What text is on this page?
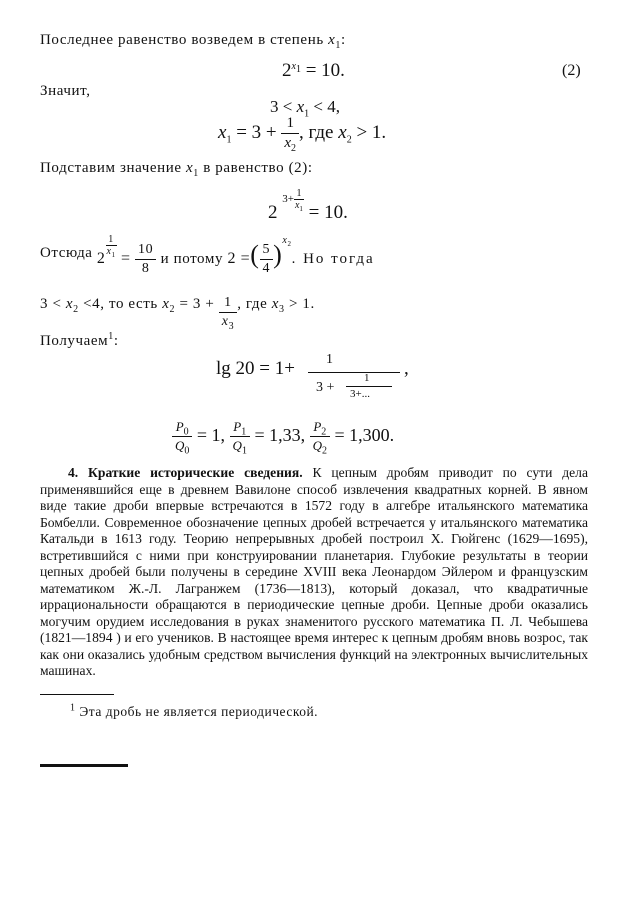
Последнее равенство возведем в степень $x_1$:
$2^{x_1} = 10$.	(2)
Значит,
$3 < x_1 < 4$,
$x_1 = 3 + \frac{1}{x_2}$ , где $x_2 > 1$.
Подставим значение $x_1$ в равенство (2):
2 $3+ \frac{1}{x_1}$
= 10.
Отсюда 2
$\frac{1}{x_1}$
= $\frac{10}{8}$ и потому 2 =( $\frac{5}{4} )^{x_2}$. Но тогда
$3 < x_2 <4$, то есть $x_2 = 3 + \frac{1}{x_3}$ , где $x_3 > 1$.
Получаем$^1$:
lg 20 = 1+ 1
3 +
1
3+...
,
$\frac{P_0}{Q_0} = 1$, $\frac{P_1}{Q_1} = 1,33$, $\frac{P_2}{Q_2} = 1,300$.
4. Краткие исторические сведения. К цепным дробям приводит по сути дела применявшийся еще в древнем Вавилоне способ извлечения квадратных корней. В явном виде такие дроби впервые встречаются в 1572 году в алгебре итальянского математика Бомбелли. Современное обозначение цепных дробей встречается у итальянского математика Катальди в 1613 году. Теорию непрерывных дробей построил Х. Гюйгенс (1629—1695), встретившийся с ними при конструировании планетария. Глубокие результаты в теории цепных дробей были получены в середине XVIII века Леонардом Эйлером и французским математиком Ж.-Л. Лагранжем (1736—1813), который доказал, что квадратичные иррациональности обращаются в периодические цепные дроби. Цепные дроби оказались могучим орудием исследования в руках знаменитого русского математика П. Л. Чебышева (1821—1894 ) и его учеников. В настоящее время интерес к цепным дробям вновь возрос, так как они оказались удобным средством вычисления функций на электронных вычислительных машинах.
$^1$ Эта дробь не является периодической.
